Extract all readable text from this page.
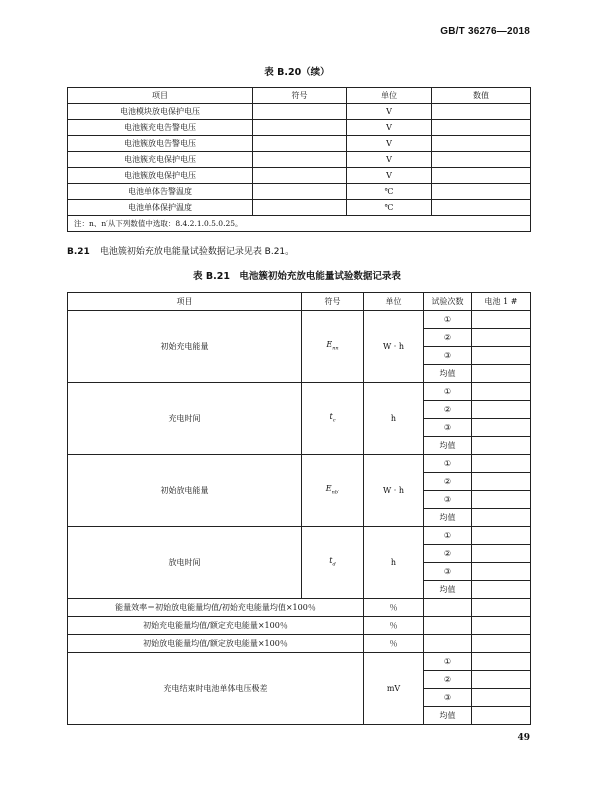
GB/T 36276—2018
表 B.20（续）
项目	符号	单位	数值
电池模块放电保护电压		V	
电池簇充电告警电压		V	
电池簇放电告警电压		V	
电池簇充电保护电压		V	
电池簇放电保护电压		V	
电池单体告警温度		℃	
电池单体保护温度		℃	
注：n、n′从下列数值中选取：8.4.2.1.0.5.0.25。			
B.21 电池簇初始充放电能量试验数据记录见表 B.21。
表 B.21　电池簇初始充放电能量试验数据记录表
项目	符号	单位	试验次数	电池 1 #
初始充电能量	$E_{nn}$	W · h	①	
			②	
			③	
			均值	
充电时间	$t_c$	h	①	
			②	
			③	
			均值	
初始放电能量	$E_{nb'}$	W · h	①	
			②	
			③	
			均值	
放电时间	$t_d$	h	①	
			②	
			③	
			均值	
能量效率＝初始放电能量均值/初始充电能量均值×100％		％		
初始充电能量均值/额定充电能量×100％		％		
初始放电能量均值/额定放电能量×100％		％		
充电结束时电池单体电压极差		mV	①	
			②	
			③	
			均值	
49
